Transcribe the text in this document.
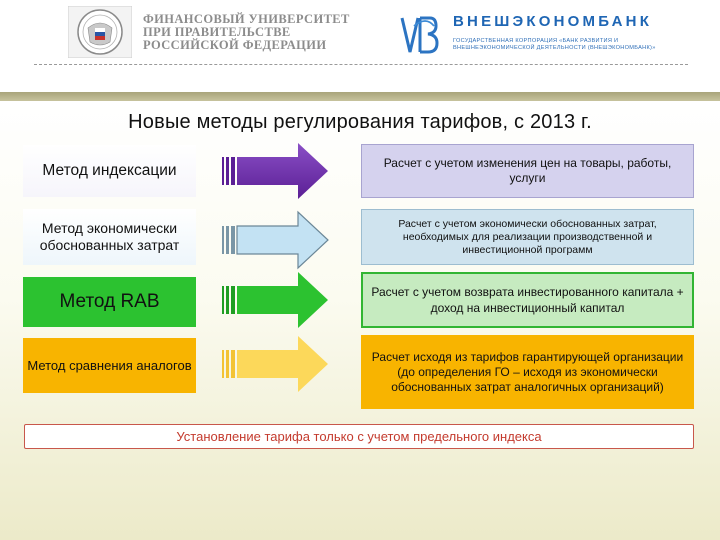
ФИНАНСОВЫЙ УНИВЕРСИТЕТ
ПРИ ПРАВИТЕЛЬСТВЕ
РОССИЙСКОЙ ФЕДЕРАЦИИ
ВНЕШЭКОНОМБАНК
ГОСУДАРСТВЕННАЯ КОРПОРАЦИЯ «БАНК РАЗВИТИЯ И ВНЕШНЕЭКОНОМИЧЕСКОЙ ДЕЯТЕЛЬНОСТИ (ВНЕШЭКОНОМБАНК)»
Новые методы регулирования тарифов, с 2013 г.
Метод индексации	Расчет с учетом изменения цен на товары, работы, услуги
Метод экономически обоснованных затрат
Расчет с учетом экономически обоснованных затрат, необходимых для реализации производственной и инвестиционной программ
Метод RAB	Расчет с учетом возврата инвестированного капитала + доход на инвестиционный капитал
Метод сравнения аналогов
Расчет исходя из тарифов гарантирующей организации (до определения ГО – исходя из экономически обоснованных затрат аналогичных организаций)
Установление тарифа только с учетом предельного индекса
